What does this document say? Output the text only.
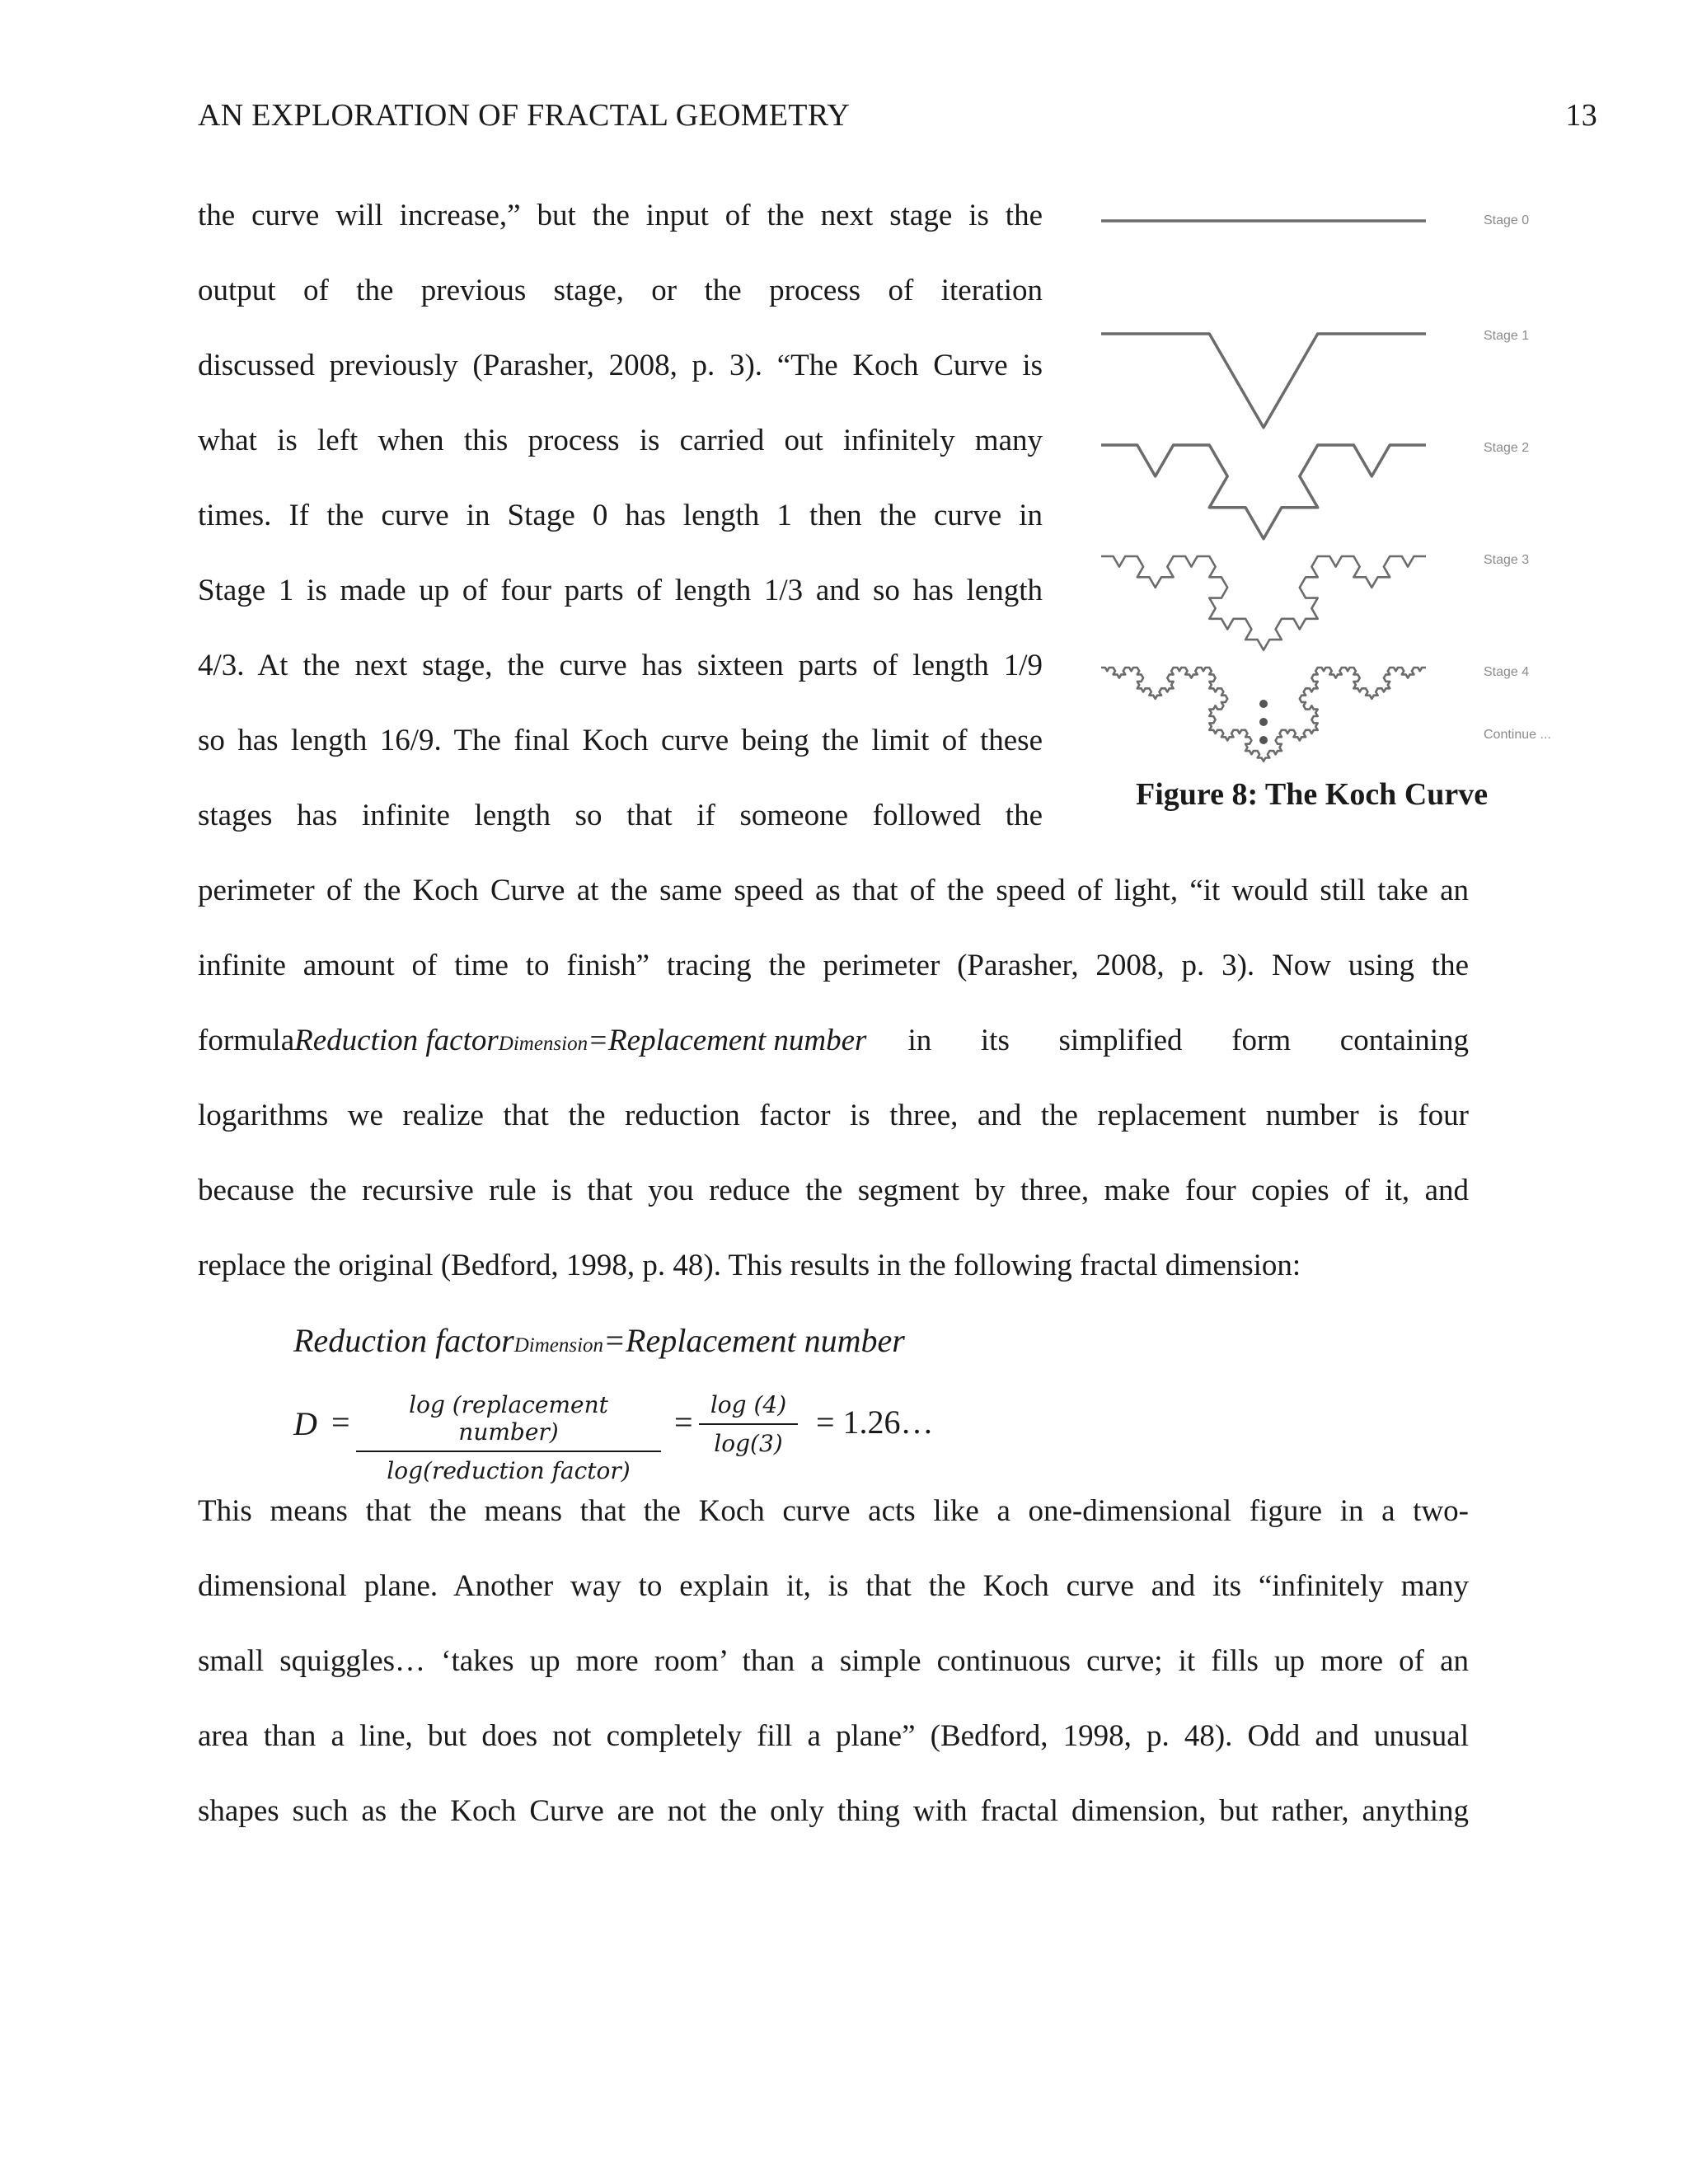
AN EXPLORATION OF FRACTAL GEOMETRY	13
the curve will increase,” but the input of the next stage is the
output of the previous stage, or the process of iteration
discussed previously (Parasher, 2008, p. 3). “The Koch Curve is
what is left when this process is carried out infinitely many
times. If the curve in Stage 0 has length 1 then the curve in
Stage 1 is made up of four parts of length 1/3 and so has length
4/3. At the next stage, the curve has sixteen parts of length 1/9
so has length 16/9. The final Koch curve being the limit of these
stages has infinite length so that if someone followed the
Stage 0
Stage 1
Stage 2
Stage 3
Stage 4
Continue ...
Figure 8: The Koch Curve
perimeter of the Koch Curve at the same speed as that of the speed of light, “it would still take an
infinite amount of time to finish” tracing the perimeter (Parasher, 2008, p. 3). Now using the
formula Reduction factorDimension=Replacement number in its simplified form containing
logarithms we realize that the reduction factor is three, and the replacement number is four
because the recursive rule is that you reduce the segment by three, make four copies of it, and
replace the original (Bedford, 1998, p. 48). This results in the following fractal dimension:
Reduction factorDimension=Replacement number
D =	log (replacement number)
log(reduction factor)
= $\frac{\log (4)}{\log(3)}$ = 1.26…
This means that the means that the Koch curve acts like a one-dimensional figure in a two-
dimensional plane. Another way to explain it, is that the Koch curve and its “infinitely many
small squiggles… ‘takes up more room’ than a simple continuous curve; it fills up more of an
area than a line, but does not completely fill a plane” (Bedford, 1998, p. 48). Odd and unusual
shapes such as the Koch Curve are not the only thing with fractal dimension, but rather, anything
